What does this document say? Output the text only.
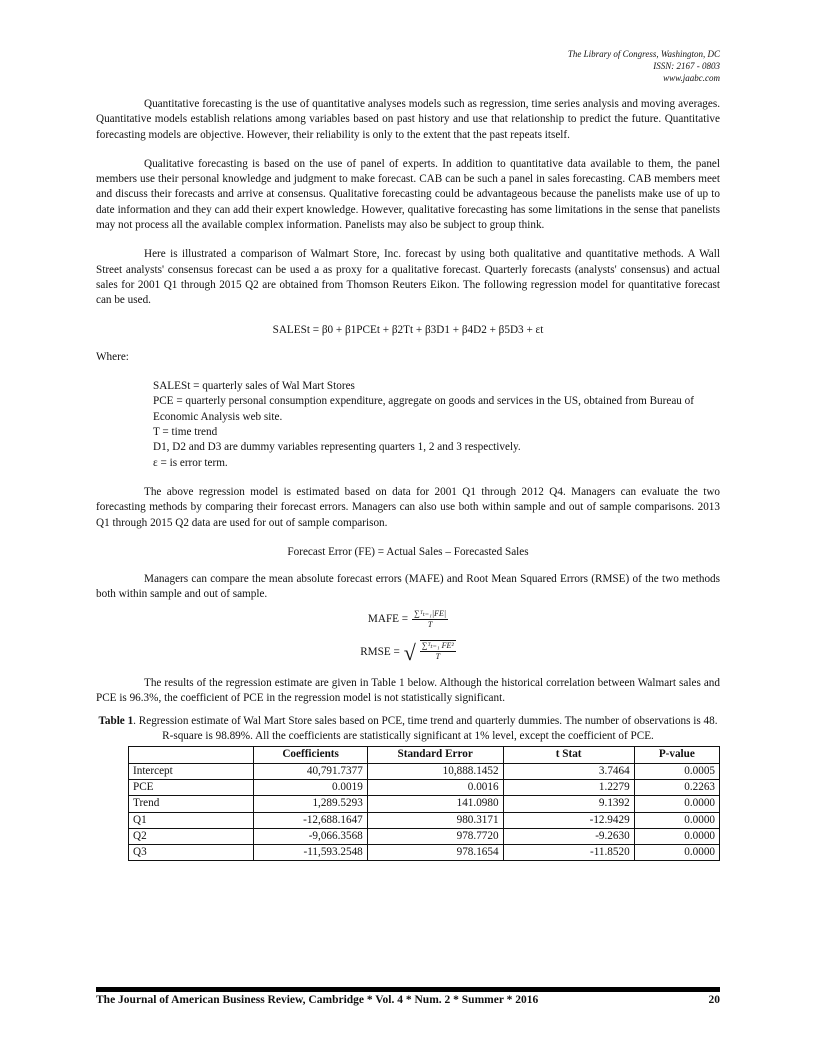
The Library of Congress, Washington, DC
ISSN: 2167 - 0803
www.jaabc.com

Quantitative forecasting is the use of quantitative analyses models such as regression, time series analysis and moving averages. Quantitative models establish relations among variables based on past history and use that relationship to predict the future. Quantitative forecasting models are objective. However, their reliability is only to the extent that the past repeats itself.

Qualitative forecasting is based on the use of panel of experts. In addition to quantitative data available to them, the panel members use their personal knowledge and judgment to make forecast. CAB can be such a panel in sales forecasting. CAB members meet and discuss their forecasts and arrive at consensus. Qualitative forecasting could be advantageous because the panelists make use of up to date information and they can add their expert knowledge. However, qualitative forecasting has some limitations in the sense that panelists may not process all the available complex information. Panelists may also be subject to group think.

Here is illustrated a comparison of Walmart Store, Inc. forecast by using both qualitative and quantitative methods. A Wall Street analysts' consensus forecast can be used a as proxy for a qualitative forecast. Quarterly forecasts (analysts' consensus) and actual sales for 2001 Q1 through 2015 Q2 are obtained from Thomson Reuters Eikon. The following regression model for quantitative forecast can be used.

SALESt = β0 + β1PCEt + β2Tt + β3D1 + β4D2 + β5D3 + εt
Where:
SALESt = quarterly sales of Wal Mart Stores
PCE = quarterly personal consumption expenditure, aggregate on goods and services in the US, obtained from Bureau of Economic Analysis web site.
T = time trend
D1, D2 and D3 are dummy variables representing quarters 1, 2 and 3 respectively.
ε = is error term.

The above regression model is estimated based on data for 2001 Q1 through 2012 Q4. Managers can evaluate the two forecasting methods by comparing their forecast errors. Managers can also use both within sample and out of sample comparisons. 2013 Q1 through 2015 Q2 data are used for out of sample comparison.

Forecast Error (FE) = Actual Sales – Forecasted Sales

Managers can compare the mean absolute forecast errors (MAFE) and Root Mean Squared Errors (RMSE) of the two methods both within sample and out of sample.

MAFE = $\frac{\text{∑ᵀₜ₌₁|FE|}}{T}$
RMSE = √ $\frac{\text{∑ᵀₜ₌₁ FE²}}{T}$

The results of the regression estimate are given in Table 1 below. Although the historical correlation between Walmart sales and PCE is 96.3%, the coefficient of PCE in the regression model is not statistically significant.

Table 1. Regression estimate of Wal Mart Store sales based on PCE, time trend and quarterly dummies. The number of observations is 48. R-square is 98.89%. All the coefficients are statistically significant at 1% level, except the coefficient of PCE.
	Coefficients	Standard Error	t Stat	P-value
Intercept	40,791.7377	10,888.1452	3.7464	0.0005
PCE	0.0019	0.0016	1.2279	0.2263
Trend	1,289.5293	141.0980	9.1392	0.0000
Q1	-12,688.1647	980.3171	-12.9429	0.0000
Q2	-9,066.3568	978.7720	-9.2630	0.0000
Q3	-11,593.2548	978.1654	-11.8520	0.0000
The Journal of American Business Review, Cambridge * Vol. 4 * Num. 2 * Summer * 2016	20
